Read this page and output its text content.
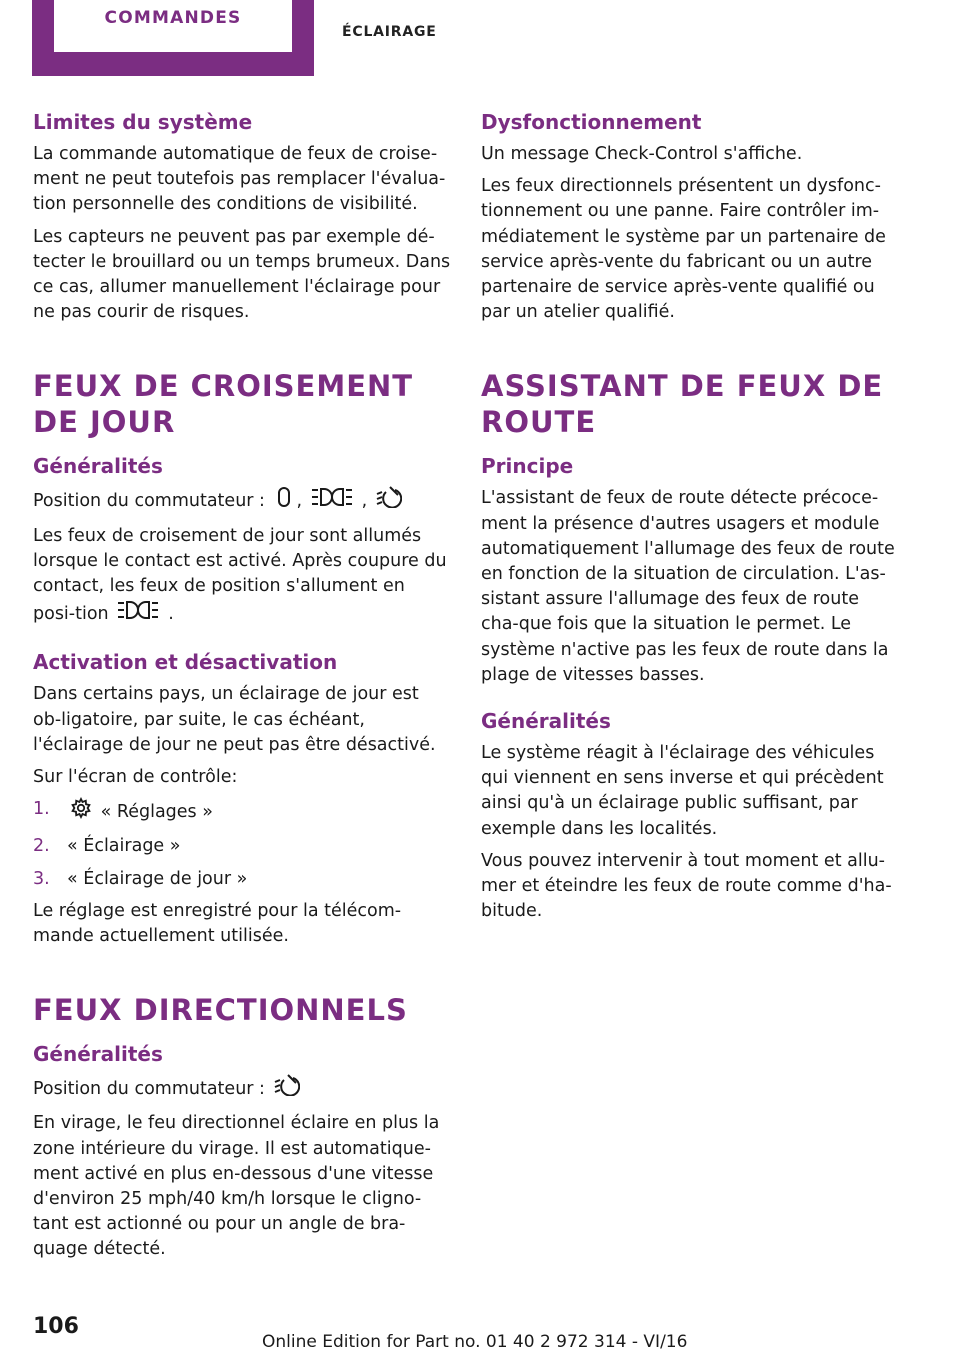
COMMANDES
ÉCLAIRAGE
Limites du système

La commande automatique de feux de croise-ment ne peut toutefois pas remplacer l'évalua-tion personnelle des conditions de visibilité.

Les capteurs ne peuvent pas par exemple dé-tecter le brouillard ou un temps brumeux. Dans ce cas, allumer manuellement l'éclairage pour ne pas courir de risques.

FEUX DE CROISEMENT DE JOUR
Généralités

Position du commutateur : ,	,

Les feux de croisement de jour sont allumés lorsque le contact est activé. Après coupure du contact, les feux de position s'allument en posi-tion	.

Activation et désactivation

Dans certains pays, un éclairage de jour est ob-ligatoire, par suite, le cas échéant, l'éclairage de jour ne peut pas être désactivé.

Sur l'écran de contrôle:

1.	« Réglages »
2. « Éclairage »
3. « Éclairage de jour »

Le réglage est enregistré pour la télécom-mande actuellement utilisée.

FEUX DIRECTIONNELS
Généralités

Position du commutateur :

En virage, le feu directionnel éclaire en plus la zone intérieure du virage. Il est automatique-ment activé en plus en-dessous d'une vitesse d'environ 25 mph/40 km/h lorsque le cligno-tant est actionné ou pour un angle de bra-quage détecté.

Dysfonctionnement

Un message Check-Control s'affiche.

Les feux directionnels présentent un dysfonc-tionnement ou une panne. Faire contrôler im-médiatement le système par un partenaire de service après-vente du fabricant ou un autre partenaire de service après-vente qualifié ou par un atelier qualifié.

ASSISTANT DE FEUX DE ROUTE
Principe

L'assistant de feux de route détecte précoce-ment la présence d'autres usagers et module automatiquement l'allumage des feux de route en fonction de la situation de circulation. L'as-sistant assure l'allumage des feux de route cha-que fois que la situation le permet. Le système n'active pas les feux de route dans la plage de vitesses basses.

Généralités

Le système réagit à l'éclairage des véhicules qui viennent en sens inverse et qui précèdent ainsi qu'à un éclairage public suffisant, par exemple dans les localités.

Vous pouvez intervenir à tout moment et allu-mer et éteindre les feux de route comme d'ha-bitude.

106
Online Edition for Part no. 01 40 2 972 314 - VI/16
